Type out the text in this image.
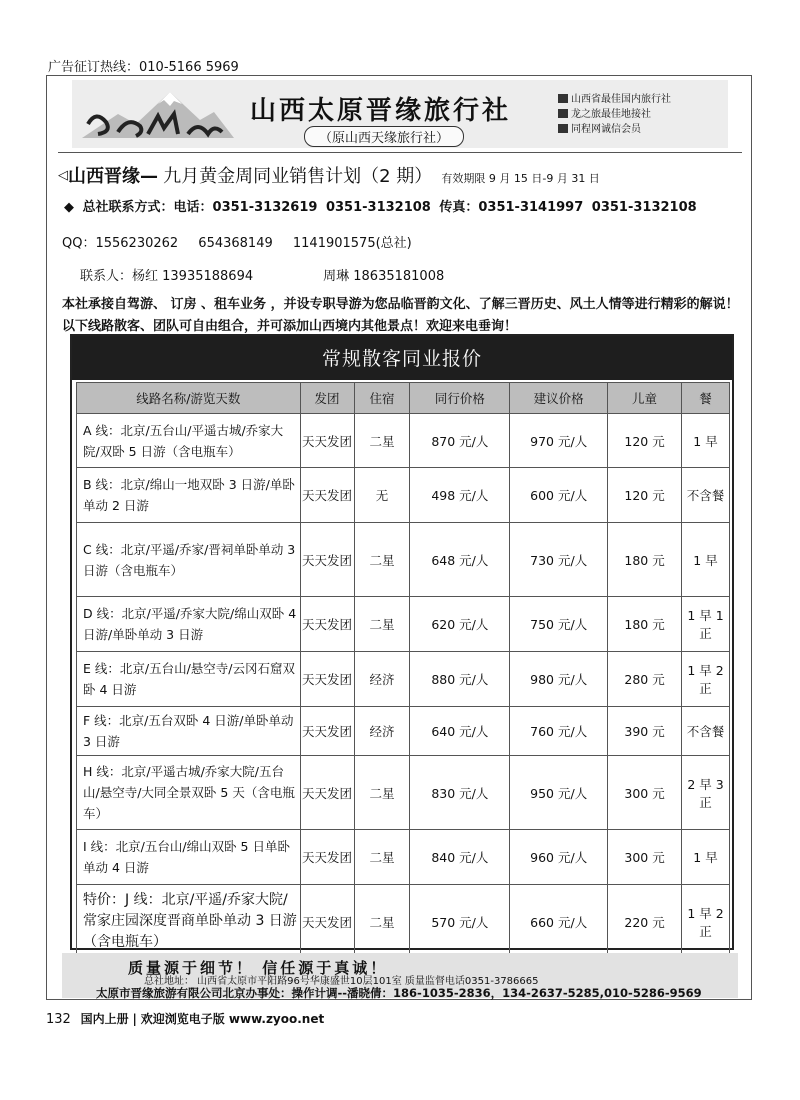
广告征订热线：010-5166 5969
山西太原晋缘旅行社
（原山西天缘旅行社）
山西省最佳国内旅行社
龙之旅最佳地接社
同程网诚信会员
◁山西晋缘— 九月黄金周同业销售计划（2 期） 有效期限 9 月 15 日-9 月 31 日
◆ 总社联系方式：电话：0351-3132619 0351-3132108 传真：0351-3141997 0351-3132108
QQ：1556230262 654368149 1141901575(总社)
联系人：杨红 13935188694	周琳 18635181008
本社承接自驾游、 订房 、租车业务 ，并设专职导游为您品临晋韵文化、了解三晋历史、风土人情等进行精彩的解说！以下线路散客、团队可自由组合，并可添加山西境内其他景点！欢迎来电垂询！
常规散客同业报价
线路名称/游览天数	发团	住宿	同行价格	建议价格	儿童	餐
A 线：北京/五台山/平遥古城/乔家大院/双卧 5 日游（含电瓶车）	天天发团	二星	870 元/人	970 元/人	120 元	1 早
B 线：北京/绵山一地双卧 3 日游/单卧单动 2 日游	天天发团	无	498 元/人	600 元/人	120 元	不含餐
C 线：北京/平遥/乔家/晋祠单卧单动 3 日游（含电瓶车）	天天发团	二星	648 元/人	730 元/人	180 元	1 早
D 线：北京/平遥/乔家大院/绵山双卧 4 日游/单卧单动 3 日游	天天发团	二星	620 元/人	750 元/人	180 元	1 早 1 正
E 线：北京/五台山/悬空寺/云冈石窟双卧 4 日游	天天发团	经济	880 元/人	980 元/人	280 元	1 早 2 正
F 线：北京/五台双卧 4 日游/单卧单动 3 日游	天天发团	经济	640 元/人	760 元/人	390 元	不含餐
H 线：北京/平遥古城/乔家大院/五台山/悬空寺/大同全景双卧 5 天（含电瓶车）	天天发团	二星	830 元/人	950 元/人	300 元	2 早 3 正
I 线：北京/五台山/绵山双卧 5 日单卧单动 4 日游	天天发团	二星	840 元/人	960 元/人	300 元	1 早
特价：J 线：北京/平遥/乔家大院/常家庄园深度晋商单卧单动 3 日游（含电瓶车）	天天发团	二星	570 元/人	660 元/人	220 元	1 早 2 正
质量源于细节！ 信任源于真诚！
总社地址： 山西省太原市平阳路96号华康盛世10层101室 质量监督电话0351-3786665
太原市晋缘旅游有限公司北京办事处：操作计调--潘晓倩：186-1035-2836，134-2637-5285,010-5286-9569
132 国内上册 | 欢迎浏览电子版 www.zyoo.net
